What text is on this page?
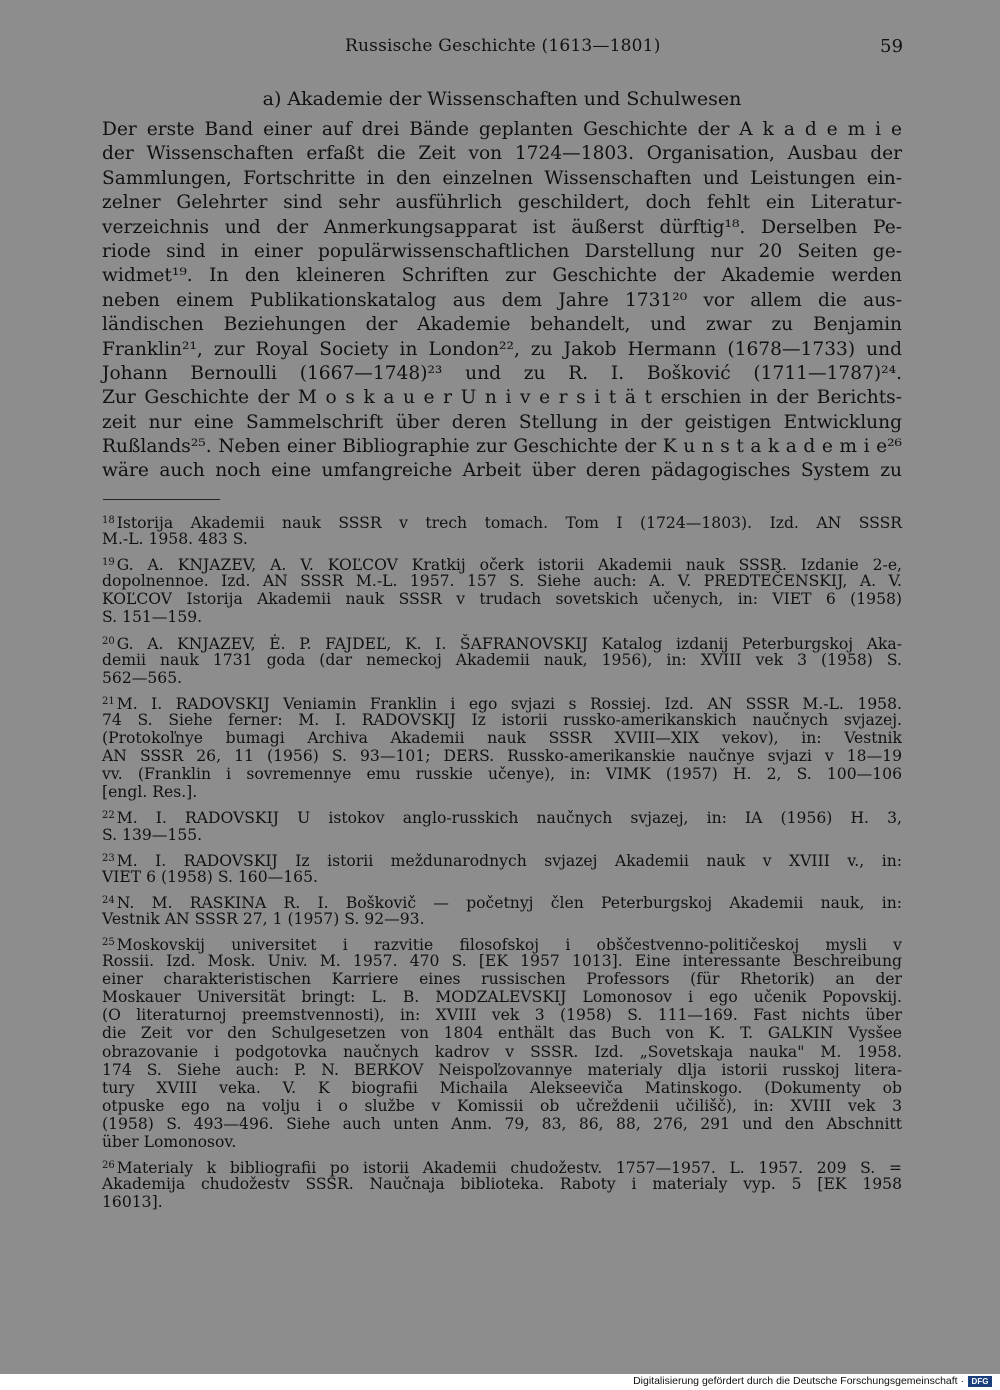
Russische Geschichte (1613—1801)	59
a) Akademie der Wissenschaften und Schulwesen
Der erste Band einer auf drei Bände geplanten Geschichte der A k a d e m i e
der Wissenschaften erfaßt die Zeit von 1724—1803. Organisation, Ausbau der
Sammlungen, Fortschritte in den einzelnen Wissenschaften und Leistungen ein-
zelner Gelehrter sind sehr ausführlich geschildert, doch fehlt ein Literatur-
verzeichnis und der Anmerkungsapparat ist äußerst dürftig¹⁸. Derselben Pe-
riode sind in einer populärwissenschaftlichen Darstellung nur 20 Seiten ge-
widmet¹⁹. In den kleineren Schriften zur Geschichte der Akademie werden
neben einem Publikationskatalog aus dem Jahre 1731²⁰ vor allem die aus-
ländischen Beziehungen der Akademie behandelt, und zwar zu Benjamin
Franklin²¹, zur Royal Society in London²², zu Jakob Hermann (1678—1733) und
Johann Bernoulli (1667—1748)²³ und zu R. I. Bošković (1711—1787)²⁴.
Zur Geschichte der M o s k a u e r U n i v e r s i t ä t erschien in der Berichts-
zeit nur eine Sammelschrift über deren Stellung in der geistigen Entwicklung
Rußlands²⁵. Neben einer Bibliographie zur Geschichte der K u n s t a k a d e m i e²⁶
wäre auch noch eine umfangreiche Arbeit über deren pädagogisches System zu
$^{18}$ Istorija Akademii nauk SSSR v trech tomach. Tom I (1724—1803). Izd. AN SSSR
M.-L. 1958. 483 S.
$^{19}$ G. A. KNJAZEV, A. V. KOĽCOV Kratkij očerk istorii Akademii nauk SSSR. Izdanie 2-e,
dopolnennoe. Izd. AN SSSR M.-L. 1957. 157 S. Siehe auch: A. V. PREDTEČENSKIJ, A. V.
KOĽCOV Istorija Akademii nauk SSSR v trudach sovetskich učenych, in: VIET 6 (1958)
S. 151—159.
$^{20}$ G. A. KNJAZEV, Ė. P. FAJDEĽ, K. I. ŠAFRANOVSKIJ Katalog izdanij Peterburgskoj Aka-
demii nauk 1731 goda (dar nemeckoj Akademii nauk, 1956), in: XVIII vek 3 (1958) S.
562—565.
$^{21}$ M. I. RADOVSKIJ Veniamin Franklin i ego svjazi s Rossiej. Izd. AN SSSR M.-L. 1958.
74 S. Siehe ferner: M. I. RADOVSKIJ Iz istorii russko-amerikanskich naučnych svjazej.
(Protokoľnye bumagi Archiva Akademii nauk SSSR XVIII—XIX vekov), in: Vestnik
AN SSSR 26, 11 (1956) S. 93—101; DERS. Russko-amerikanskie naučnye svjazi v 18—19
vv. (Franklin i sovremennye emu russkie učenye), in: VIMK (1957) H. 2, S. 100—106
[engl. Res.].
$^{22}$ M. I. RADOVSKIJ U istokov anglo-russkich naučnych svjazej, in: IA (1956) H. 3,
S. 139—155.
$^{23}$ M. I. RADOVSKIJ Iz istorii meždunarodnych svjazej Akademii nauk v XVIII v., in:
VIET 6 (1958) S. 160—165.
$^{24}$ N. M. RASKINA R. I. Boškovič — početnyj člen Peterburgskoj Akademii nauk, in:
Vestnik AN SSSR 27, 1 (1957) S. 92—93.
$^{25}$ Moskovskij universitet i razvitie filosofskoj i obščestvenno-političeskoj mysli v
Rossii. Izd. Mosk. Univ. M. 1957. 470 S. [EK 1957 1013]. Eine interessante Beschreibung
einer charakteristischen Karriere eines russischen Professors (für Rhetorik) an der
Moskauer Universität bringt: L. B. MODZALEVSKIJ Lomonosov i ego učenik Popovskij.
(O literaturnoj preemstvennosti), in: XVIII vek 3 (1958) S. 111—169. Fast nichts über
die Zeit vor den Schulgesetzen von 1804 enthält das Buch von K. T. GALKIN Vysšee
obrazovanie i podgotovka naučnych kadrov v SSSR. Izd. „Sovetskaja nauka" M. 1958.
174 S. Siehe auch: P. N. BERKOV Neispoľzovannye materialy dlja istorii russkoj litera-
tury XVIII veka. V. K biografii Michaila Alekseeviča Matinskogo. (Dokumenty ob
otpuske ego na volju i o službe v Komissii ob učreždenii učilišč), in: XVIII vek 3
(1958) S. 493—496. Siehe auch unten Anm. 79, 83, 86, 88, 276, 291 und den Abschnitt
über Lomonosov.
$^{26}$ Materialy k bibliografii po istorii Akademii chudožestv. 1757—1957. L. 1957. 209 S. =
Akademija chudožestv SSSR. Naučnaja biblioteka. Raboty i materialy vyp. 5 [EK 1958
16013].
Digitalisierung gefördert durch die Deutsche Forschungsgemeinschaft · DFG
